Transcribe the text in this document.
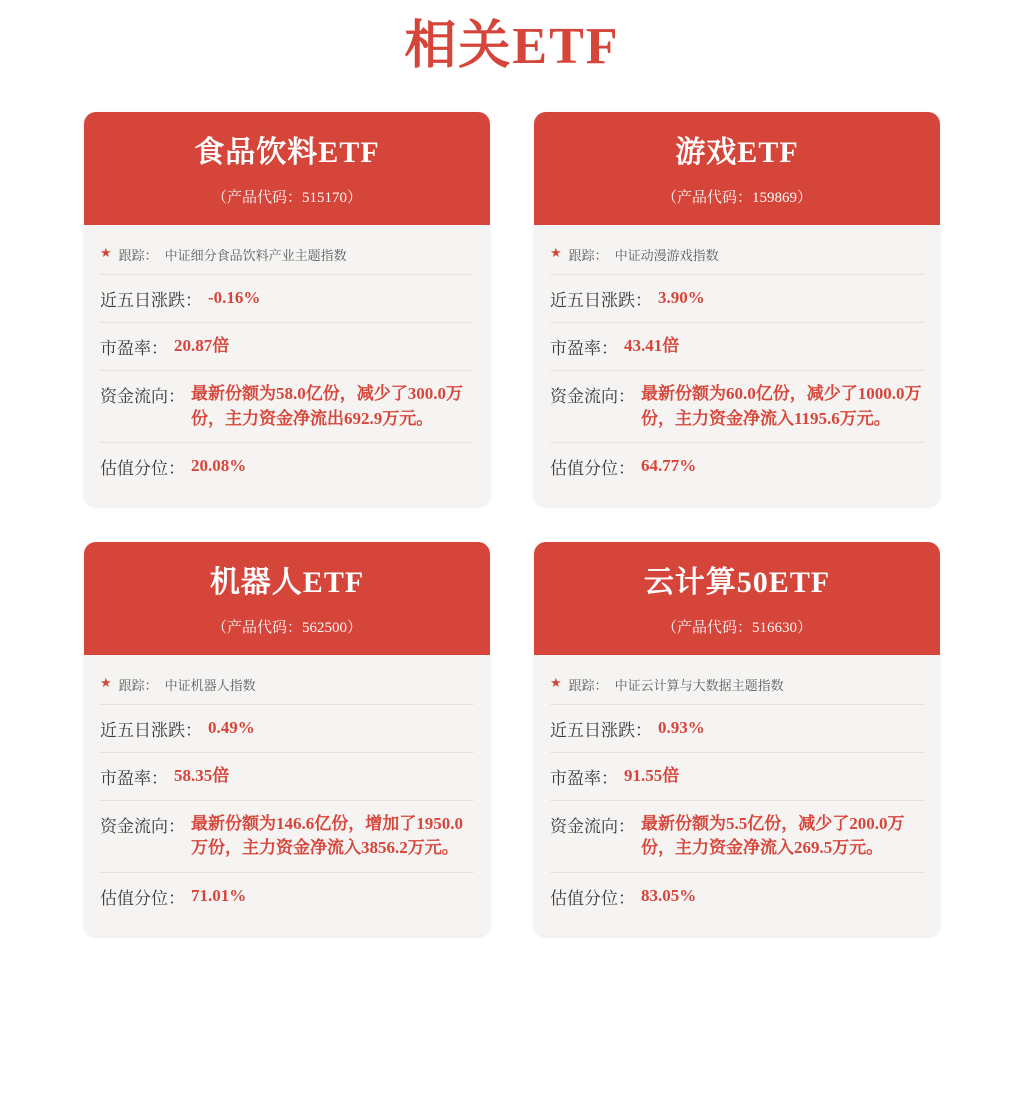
相关ETF
食品饮料ETF
（产品代码：515170）
★ 跟踪： 中证细分食品饮料产业主题指数
近五日涨跌： -0.16%
市盈率： 20.87倍
资金流向： 最新份额为58.0亿份，减少了300.0万份，主力资金净流出692.9万元。
估值分位： 20.08%
游戏ETF
（产品代码：159869）
★ 跟踪： 中证动漫游戏指数
近五日涨跌： 3.90%
市盈率： 43.41倍
资金流向： 最新份额为60.0亿份，减少了1000.0万份，主力资金净流入1195.6万元。
估值分位： 64.77%
机器人ETF
（产品代码：562500）
★ 跟踪： 中证机器人指数
近五日涨跌： 0.49%
市盈率： 58.35倍
资金流向： 最新份额为146.6亿份，增加了1950.0万份，主力资金净流入3856.2万元。
估值分位： 71.01%
云计算50ETF
（产品代码：516630）
★ 跟踪： 中证云计算与大数据主题指数
近五日涨跌： 0.93%
市盈率： 91.55倍
资金流向： 最新份额为5.5亿份，减少了200.0万份，主力资金净流入269.5万元。
估值分位： 83.05%
